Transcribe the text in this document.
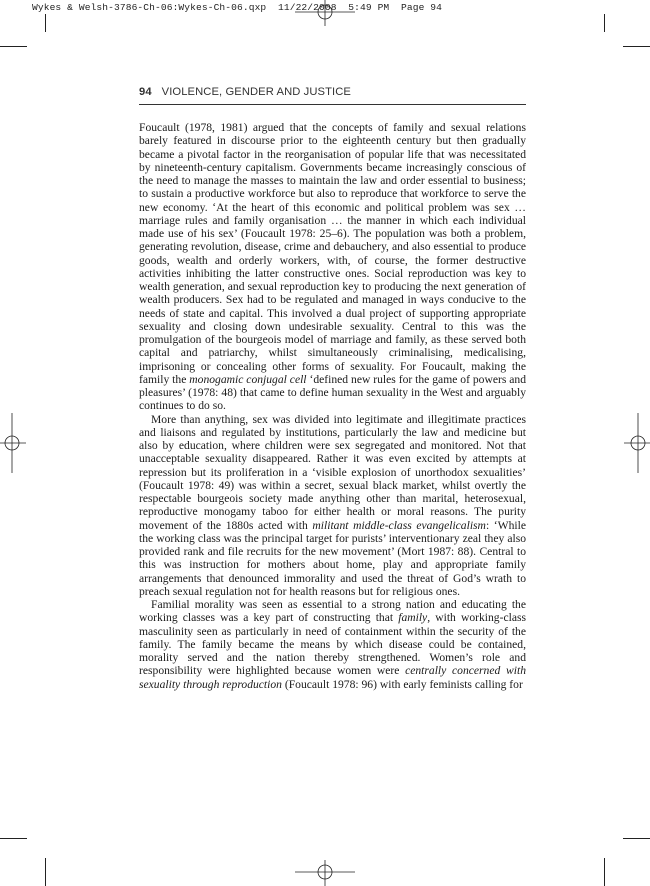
Wykes & Welsh-3786-Ch-06:Wykes-Ch-06.qxp  11/22/2008  5:49 PM  Page 94
94 VIOLENCE, GENDER AND JUSTICE

Foucault (1978, 1981) argued that the concepts of family and sexual relations barely featured in discourse prior to the eighteenth century but then gradually became a pivotal factor in the reorganisation of popular life that was necessitated by nineteenth-century capitalism. Governments became increasingly conscious of the need to manage the masses to maintain the law and order essential to business; to sustain a productive workforce but also to reproduce that workforce to serve the new economy. ‘At the heart of this economic and political problem was sex … marriage rules and family organisation … the manner in which each individual made use of his sex’ (Foucault 1978: 25–6). The population was both a problem, generating revolution, disease, crime and debauchery, and also essential to produce goods, wealth and orderly workers, with, of course, the former destructive activities inhibiting the latter constructive ones. Social reproduction was key to wealth generation, and sexual reproduction key to producing the next generation of wealth producers. Sex had to be regulated and managed in ways conducive to the needs of state and capital. This involved a dual project of supporting appropriate sexuality and closing down undesirable sexuality. Central to this was the promulgation of the bourgeois model of marriage and family, as these served both capital and patriarchy, whilst simultaneously criminalising, medicalising, imprisoning or concealing other forms of sexuality. For Foucault, making the family the monogamic conjugal cell ‘defined new rules for the game of powers and pleasures’ (1978: 48) that came to define human sexuality in the West and arguably continues to do so.

More than anything, sex was divided into legitimate and illegitimate practices and liaisons and regulated by institutions, particularly the law and medicine but also by education, where children were sex segregated and monitored. Not that unacceptable sexuality disappeared. Rather it was even excited by attempts at repression but its proliferation in a ‘visible explosion of unorthodox sexualities’ (Foucault 1978: 49) was within a secret, sexual black market, whilst overtly the respectable bourgeois society made anything other than marital, heterosexual, reproductive monogamy taboo for either health or moral reasons. The purity movement of the 1880s acted with militant middle-class evangelicalism: ‘While the working class was the principal target for purists’ interventionary zeal they also provided rank and file recruits for the new movement’ (Mort 1987: 88). Central to this was instruction for mothers about home, play and appropriate family arrangements that denounced immorality and used the threat of God’s wrath to preach sexual regulation not for health reasons but for religious ones.

Familial morality was seen as essential to a strong nation and educating the working classes was a key part of constructing that family, with working-class masculinity seen as particularly in need of containment within the security of the family. The family became the means by which disease could be contained, morality served and the nation thereby strengthened. Women’s role and responsibility were highlighted because women were centrally concerned with sexuality through reproduction (Foucault 1978: 96) with early feminists calling for
